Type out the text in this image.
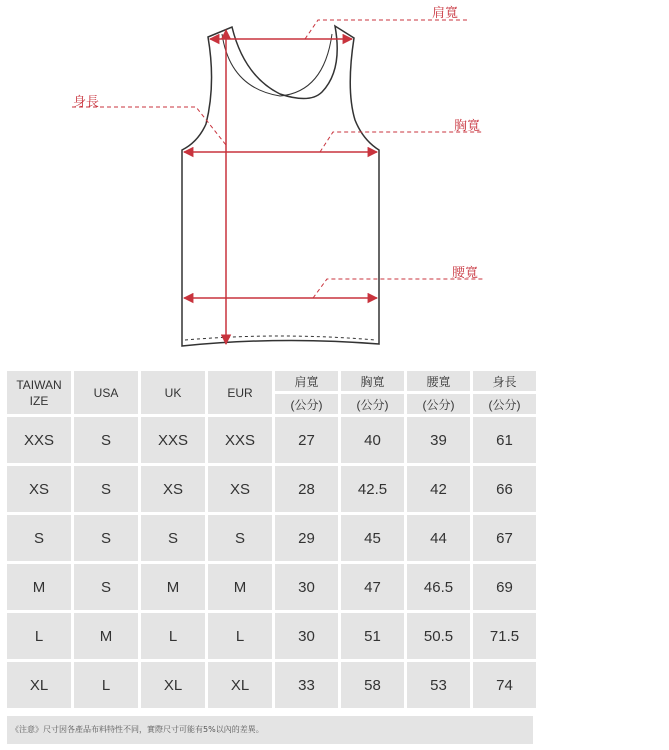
肩寬
身長
胸寬
腰寬
TAIWAN
IZE	USA	UK	EUR	肩寬	胸寬	腰寬	身長
				(公分)	(公分)	(公分)	(公分)
XXS	S	XXS	XXS	27	40	39	61
XS	S	XS	XS	28	42.5	42	66
S	S	S	S	29	45	44	67
M	S	M	M	30	47	46.5	69
L	M	L	L	30	51	50.5	71.5
XL	L	XL	XL	33	58	53	74
《注意》尺寸因各產品布料特性不同，實際尺寸可能有5%以內的差異。
